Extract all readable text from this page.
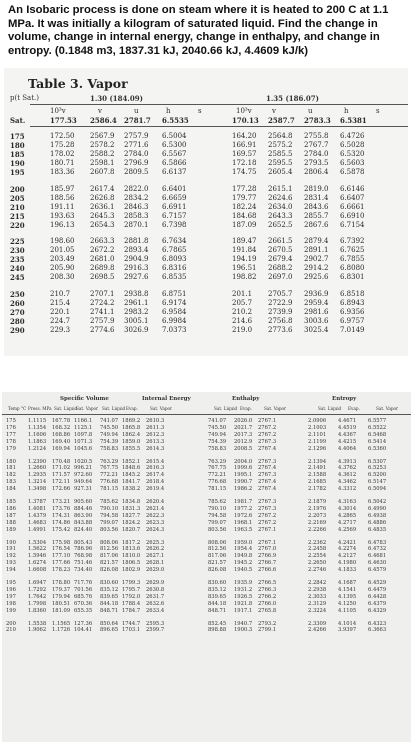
An Isobaric process is done on steam where it is heated to 200 C at 1.1 MPa. It was initially a kilogram of saturated liquid. Find the change in volume, change in internal energy, change in enthalpy, and change in entropy. (0.1848 m3, 1837.31 kJ, 2040.66 kJ, 4.4609 kJ/k)
Table 3. Vapor
p(t Sat.)	1.30 (184.09)	1.35 (186.07)
10³v	v	u	h	s	10³v	v	u	h	s
Sat.	177.53 2586.4 2781.7 6.5535	170.13 2587.7 2783.3 6.5381
175	172.50 2567.9 2757.9 6.5004	164.20 2564.8 2755.8 6.4726
180	175.28 2578.2 2771.6 6.5300	166.91 2575.2 2767.7 6.5028
185	178.02 2588.2 2784.0 6.5567	169.57 2585.5 2784.0 6.5320
190	180.71 2598.1 2796.9 6.5866	172.18 2595.5 2793.5 6.5603
195	183.36 2607.8 2809.5 6.6137	174.75 2605.4 2806.4 6.5878
200	185.97 2617.4 2822.0 6.6401	177.28 2615.1 2819.0 6.6146
205	188.56 2626.8 2834.2 6.6659	179.77 2624.6 2831.4 6.6407
210	191.11 2636.1 2846.3 6.6911	182.24 2634.0 2843.6 6.6661
215	193.63 2645.3 2858.3 6.7157	184.68 2643.3 2855.7 6.6910
220	196.13 2654.3 2870.1 6.7398	187.09 2652.5 2867.6 6.7154
225	198.60 2663.3 2881.8 6.7634	189.47 2661.5 2879.4 6.7392
230	201.05 2672.2 2893.4 6.7865	191.84 2670.5 2891.1 6.7625
235	203.49 2681.0 2904.9 6.8093	194.19 2679.4 2902.7 6.7855
240	205.90 2689.8 2916.3 6.8316	196.51 2688.2 2914.2 6.8080
245	208.30 2698.5 2927.6 6.8535	198.82 2697.0 2925.6 6.8301
250	210.7	2707.1 2938.8 6.8751	201.1 2705.7 2936.9 6.8518
260	215.4	2724.2 2961.1 6.9174	205.7 2722.9 2959.4 6.8943
270	220.1	2741.1 2983.2 6.9584	210.2 2739.9 2981.6 6.9356
280	224.7	2757.9 3005.1 6.9984	214.6 2756.8 3003.6 6.9757
290	229.3	2774.6 3026.9 7.0373	219.0 2773.6 3025.4 7.0149
Specific Volume	Internal Energy	Enthalpy	Entropy
Temp °C Press. MPa Sat. Liquid
Sat. Vapor Sat. Liquid Evap.	Sat. Vapor	Sat. Liquid Evap.	Sat. Vapor	Sat. Liquid Evap.	Sat. Vapor
175 1.1115 167.78 1166.1 741.07 1869.2 2610.3	741.07 2026.0 2767.1	2.0906 4.4671 6.5577
176 1.1354 168.32 1125.1 745.50 1865.8 2611.3	745.50 2021.7 2767.2	2.1003 4.4519 6.5522
177 1.1606 168.86 1097.8 749.94 1862.4 2612.3	749.94 2017.3 2767.2	2.1101 4.4367 6.5468
178 1.1863 169.40 1071.3 754.39 1859.0 2613.3	754.39 2012.9 2767.3	2.1199 4.4215 6.5414
179 1.2124 169.94 1045.6 758.83 1855.5 2614.3	758.83 2008.5 2767.4	2.1296 4.4064 6.5360
180 1.2390 170.48 1020.5 763.29 1852.1 2615.4	763.29 2004.0 2767.3	2.1394 4.3913 6.5307
181 1.2660 171.02 996.21 767.75 1848.6 2616.3	767.75 1999.6 2767.4	2.1491 4.3762 6.5253
182 1.2935 171.57 972.60 772.21 1845.2 2617.4	772.21 1995.1 2767.3	2.1588 4.3612 6.5200
183 1.3214 172.11 949.64 776.68 1841.7 2618.4	776.68 1990.7 2767.4	2.1685 4.3462 6.5147
184 1.3498 172.66 927.31 781.15 1838.2 2619.4	781.15 1986.2 2767.4	2.1782 4.3312 6.5094
185 1.3787 173.21 905.60 785.62 1834.8 2620.4	785.62 1981.7 2767.3	2.1879 4.3163 6.5042
186 1.4081 173.76 884.46 790.10 1831.3 2621.4	790.10 1977.2 2767.3	2.1976 4.3014 6.4990
187 1.4379 174.31 863.90 794.58 1827.7 2622.3	794.58 1972.6 2767.2	2.2073 4.2865 6.4938
188 1.4683 174.86 843.88 799.07 1824.2 2623.3	799.07 1968.1 2767.2	2.2169 4.2717 6.4886
189 1.4991 175.42 824.40 803.56 1820.7 2624.3	803.56 1963.5 2767.1	2.2266 4.2569 6.4835
190 1.5304 175.98 805.43 808.06 1817.2 2625.3	808.06 1959.0 2767.1	2.2362 4.2421 6.4783
191 1.5622 176.54 786.96 812.56 1813.6 2626.2	812.56 1954.4 2767.0	2.2458 4.2274 6.4732
192 1.5946 177.10 768.98 817.06 1810.0 2627.1	817.06 1949.8 2766.9	2.2554 4.2127 6.4681
193 1.6274 177.66 751.46 821.57 1806.5 2628.1	821.57 1945.2 2766.7	2.2650 4.1980 6.4630
194 1.6608 178.23 734.40 826.08 1802.9 2629.0	826.08 1940.5 2766.6	2.2746 4.1833 6.4579
195 1.6947 178.80 717.76 830.60 1799.3 2629.9	830.60 1935.9 2766.5	2.2842 4.1687 6.4529
196 1.7292 179.37 701.56 835.12 1795.7 2630.8	835.12 1931.2 2766.3	2.2938 4.1541 6.4479
197 1.7642 179.94 685.76 839.65 1792.0 2631.7	839.65 1926.5 2766.2	2.3033 4.1395 6.4428
198 1.7998 180.51 670.36 844.18 1788.4 2632.6	844.18 1921.8 2766.0	2.3129 4.1250 6.4379
199 1.8360 181.09 655.35 848.71 1784.7 2633.4	848.71 1917.1 2765.8	2.3224 4.1105 6.4329
200 1.5538 1.1565 127.36 850.64 1744.7 2595.3	852.45 1940.7 2793.2	2.3309 4.1014 6.4323
210 1.9062 1.1726 104.41 896.65 1703.1 2599.7	898.88 1900.3 2799.1	2.4266 3.9397 6.3663
